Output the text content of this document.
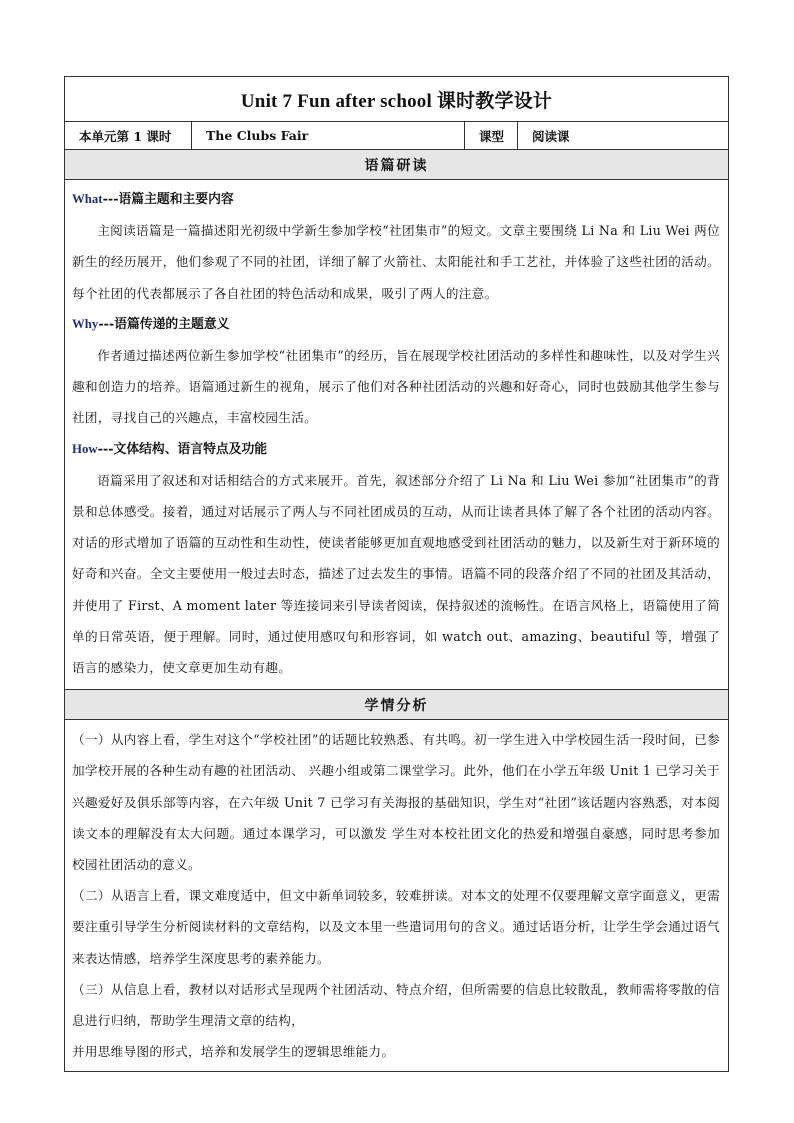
Unit 7 Fun after school 课时教学设计
本单元第 1 课时	The Clubs Fair	课型	阅读课
语篇研读
What---语篇主题和主要内容
主阅读语篇是一篇描述阳光初级中学新生参加学校“社团集市”的短文。文章主要围绕 Li Na 和 Liu Wei 两位新生的经历展开，他们参观了不同的社团，详细了解了火箭社、太阳能社和手工艺社，并体验了这些社团的活动。每个社团的代表都展示了各自社团的特色活动和成果，吸引了两人的注意。
Why---语篇传递的主题意义
作者通过描述两位新生参加学校“社团集市”的经历，旨在展现学校社团活动的多样性和趣味性，以及对学生兴趣和创造力的培养。语篇通过新生的视角，展示了他们对各种社团活动的兴趣和好奇心，同时也鼓励其他学生参与社团，寻找自己的兴趣点，丰富校园生活。
How---文体结构、语言特点及功能
语篇采用了叙述和对话相结合的方式来展开。首先，叙述部分介绍了 Li Na 和 Liu Wei 参加“社团集市”的背景和总体感受。接着，通过对话展示了两人与不同社团成员的互动，从而让读者具体了解了各个社团的活动内容。对话的形式增加了语篇的互动性和生动性，使读者能够更加直观地感受到社团活动的魅力，以及新生对于新环境的好奇和兴奋。全文主要使用一般过去时态，描述了过去发生的事情。语篇不同的段落介绍了不同的社团及其活动，并使用了 First、A moment later 等连接词来引导读者阅读，保持叙述的流畅性。在语言风格上，语篇使用了简单的日常英语，便于理解。同时，通过使用感叹句和形容词，如 watch out、amazing、beautiful 等，增强了语言的感染力，使文章更加生动有趣。
学情分析
（一）从内容上看，学生对这个“学校社团”的话题比较熟悉、有共鸣。初一学生进入中学校园生活一段时间，已参加学校开展的各种生动有趣的社团活动、 兴趣小组或第二课堂学习。此外，他们在小学五年级 Unit 1 已学习关于兴趣爱好及俱乐部等内容，在六年级 Unit 7 已学习有关海报的基础知识，学生对“社团”该话题内容熟悉，对本阅读文本的理解没有太大问题。通过本课学习，可以激发 学生对本校社团文化的热爱和增强自豪感，同时思考参加校园社团活动的意义。
（二）从语言上看，课文难度适中，但文中新单词较多，较难拼读。对本文的处理不仅要理解文章字面意义，更需要注重引导学生分析阅读材料的文章结构，以及文本里一些遣词用句的含义。通过话语分析，让学生学会通过语气来表达情感，培养学生深度思考的素养能力。
（三）从信息上看，教材以对话形式呈现两个社团活动、特点介绍，但所需要的信息比较散乱，教师需将零散的信息进行归纳，帮助学生理清文章的结构，
并用思维导图的形式，培养和发展学生的逻辑思维能力。
